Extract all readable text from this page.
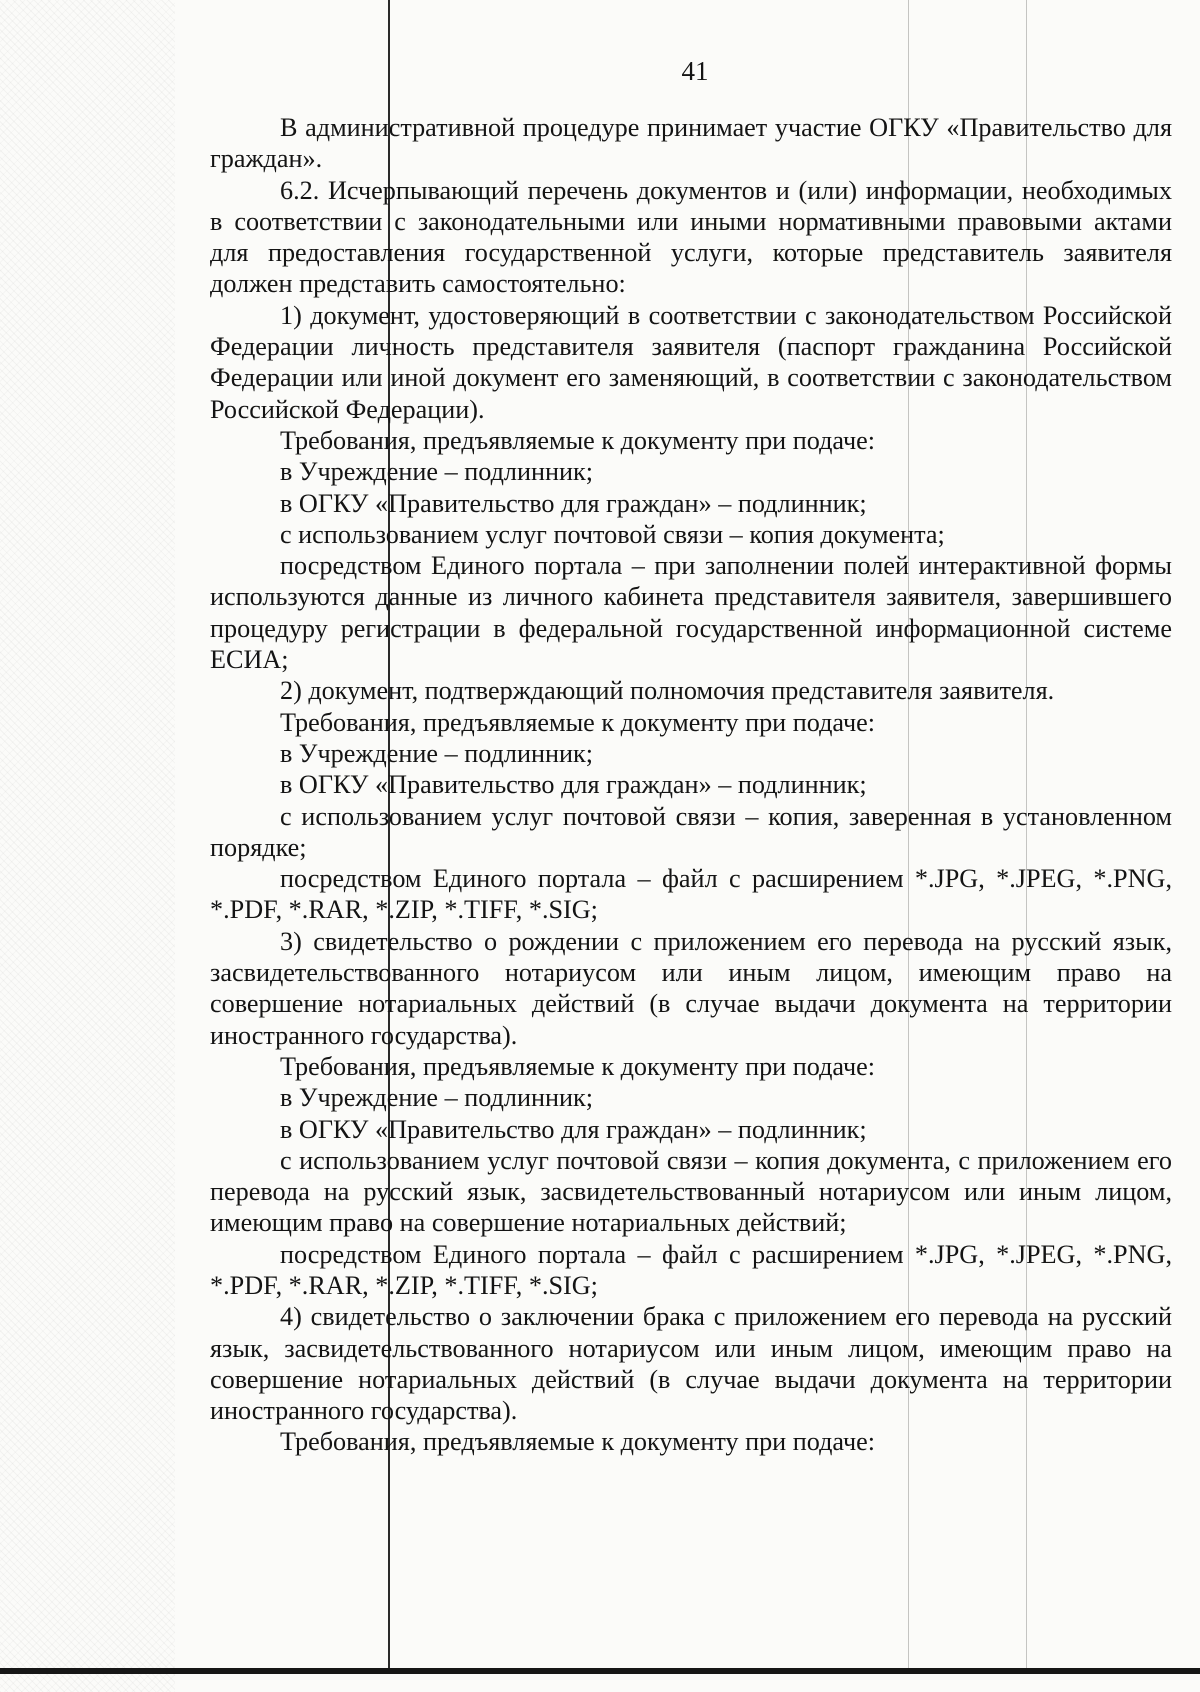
41

В административной процедуре принимает участие ОГКУ «Правительство для граждан».

6.2. Исчерпывающий перечень документов и (или) информации, необходимых в соответствии с законодательными или иными нормативными правовыми актами для предоставления государственной услуги, которые представитель заявителя должен представить самостоятельно:

1) документ, удостоверяющий в соответствии с законодательством Российской Федерации личность представителя заявителя (паспорт гражданина Российской Федерации или иной документ его заменяющий, в соответствии с законодательством Российской Федерации).

Требования, предъявляемые к документу при подаче:

в Учреждение – подлинник;

в ОГКУ «Правительство для граждан» – подлинник;

с использованием услуг почтовой связи – копия документа;

посредством Единого портала – при заполнении полей интерактивной формы используются данные из личного кабинета представителя заявителя, завершившего процедуру регистрации в федеральной государственной информационной системе ЕСИА;

2) документ, подтверждающий полномочия представителя заявителя.

Требования, предъявляемые к документу при подаче:

в Учреждение – подлинник;

в ОГКУ «Правительство для граждан» – подлинник;

с использованием услуг почтовой связи – копия, заверенная в установленном порядке;

посредством Единого портала – файл с расширением *.JPG, *.JPEG, *.PNG, *.PDF, *.RAR, *.ZIP, *.TIFF, *.SIG;

3) свидетельство о рождении с приложением его перевода на русский язык, засвидетельствованного нотариусом или иным лицом, имеющим право на совершение нотариальных действий (в случае выдачи документа на территории иностранного государства).

Требования, предъявляемые к документу при подаче:

в Учреждение – подлинник;

в ОГКУ «Правительство для граждан» – подлинник;

с использованием услуг почтовой связи – копия документа, с приложением его перевода на русский язык, засвидетельствованный нотариусом или иным лицом, имеющим право на совершение нотариальных действий;

посредством Единого портала – файл с расширением *.JPG, *.JPEG, *.PNG, *.PDF, *.RAR, *.ZIP, *.TIFF, *.SIG;

4) свидетельство о заключении брака с приложением его перевода на русский язык, засвидетельствованного нотариусом или иным лицом, имеющим право на совершение нотариальных действий (в случае выдачи документа на территории иностранного государства).

Требования, предъявляемые к документу при подаче:
